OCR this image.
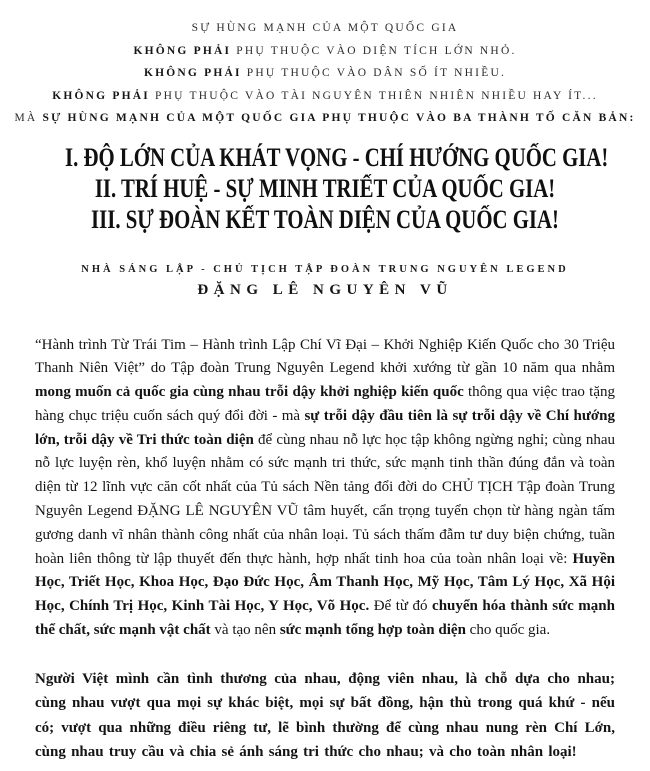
SỰ HÙNG MẠNH CỦA MỘT QUỐC GIA
KHÔNG PHẢI PHỤ THUỘC VÀO DIỆN TÍCH LỚN NHỎ.
KHÔNG PHẢI PHỤ THUỘC VÀO DÂN SỐ ÍT NHIỀU.
KHÔNG PHẢI PHỤ THUỘC VÀO TÀI NGUYÊN THIÊN NHIÊN NHIỀU HAY ÍT...
MÀ SỰ HÙNG MẠNH CỦA MỘT QUỐC GIA PHỤ THUỘC VÀO BA THÀNH TỐ CĂN BẢN:
I. ĐỘ LỚN CỦA KHÁT VỌNG - CHÍ HƯỚNG QUỐC GIA!
II. TRÍ HUỆ - SỰ MINH TRIẾT CỦA QUỐC GIA!
III. SỰ ĐOÀN KẾT TOÀN DIỆN CỦA QUỐC GIA!
NHÀ SÁNG LẬP - CHỦ TỊCH TẬP ĐOÀN TRUNG NGUYÊN LEGEND
ĐẶNG LÊ NGUYÊN VŨ

“Hành trình Từ Trái Tim – Hành trình Lập Chí Vĩ Đại – Khởi Nghiệp Kiến Quốc cho 30 Triệu Thanh Niên Việt” do Tập đoàn Trung Nguyên Legend khởi xướng từ gần 10 năm qua nhằm mong muốn cả quốc gia cùng nhau trỗi dậy khởi nghiệp kiến quốc thông qua việc trao tặng hàng chục triệu cuốn sách quý đổi đời - mà sự trỗi dậy đầu tiên là sự trỗi dậy về Chí hướng lớn, trỗi dậy về Tri thức toàn diện để cùng nhau nỗ lực học tập không ngừng nghỉ; cùng nhau nỗ lực luyện rèn, khổ luyện nhằm có sức mạnh tri thức, sức mạnh tinh thần đúng đắn và toàn diện từ 12 lĩnh vực căn cốt nhất của Tủ sách Nền tảng đổi đời do CHỦ TỊCH Tập đoàn Trung Nguyên Legend ĐẶNG LÊ NGUYÊN VŨ tâm huyết, cẩn trọng tuyển chọn từ hàng ngàn tấm gương danh vĩ nhân thành công nhất của nhân loại. Tủ sách thấm đẫm tư duy biện chứng, tuần hoàn liên thông từ lập thuyết đến thực hành, hợp nhất tinh hoa của toàn nhân loại về: Huyền Học, Triết Học, Khoa Học, Đạo Đức Học, Âm Thanh Học, Mỹ Học, Tâm Lý Học, Xã Hội Học, Chính Trị Học, Kinh Tài Học, Y Học, Võ Học. Để từ đó chuyển hóa thành sức mạnh thể chất, sức mạnh vật chất và tạo nên sức mạnh tổng hợp toàn diện cho quốc gia.

Người Việt mình cần tình thương của nhau, động viên nhau, là chỗ dựa cho nhau; cùng nhau vượt qua mọi sự khác biệt, mọi sự bất đồng, hận thù trong quá khứ - nếu có; vượt qua những điều riêng tư, lẽ bình thường để cùng nhau nung rèn Chí Lớn, cùng nhau truy cầu và chia sẻ ánh sáng tri thức cho nhau; và cho toàn nhân loại!
